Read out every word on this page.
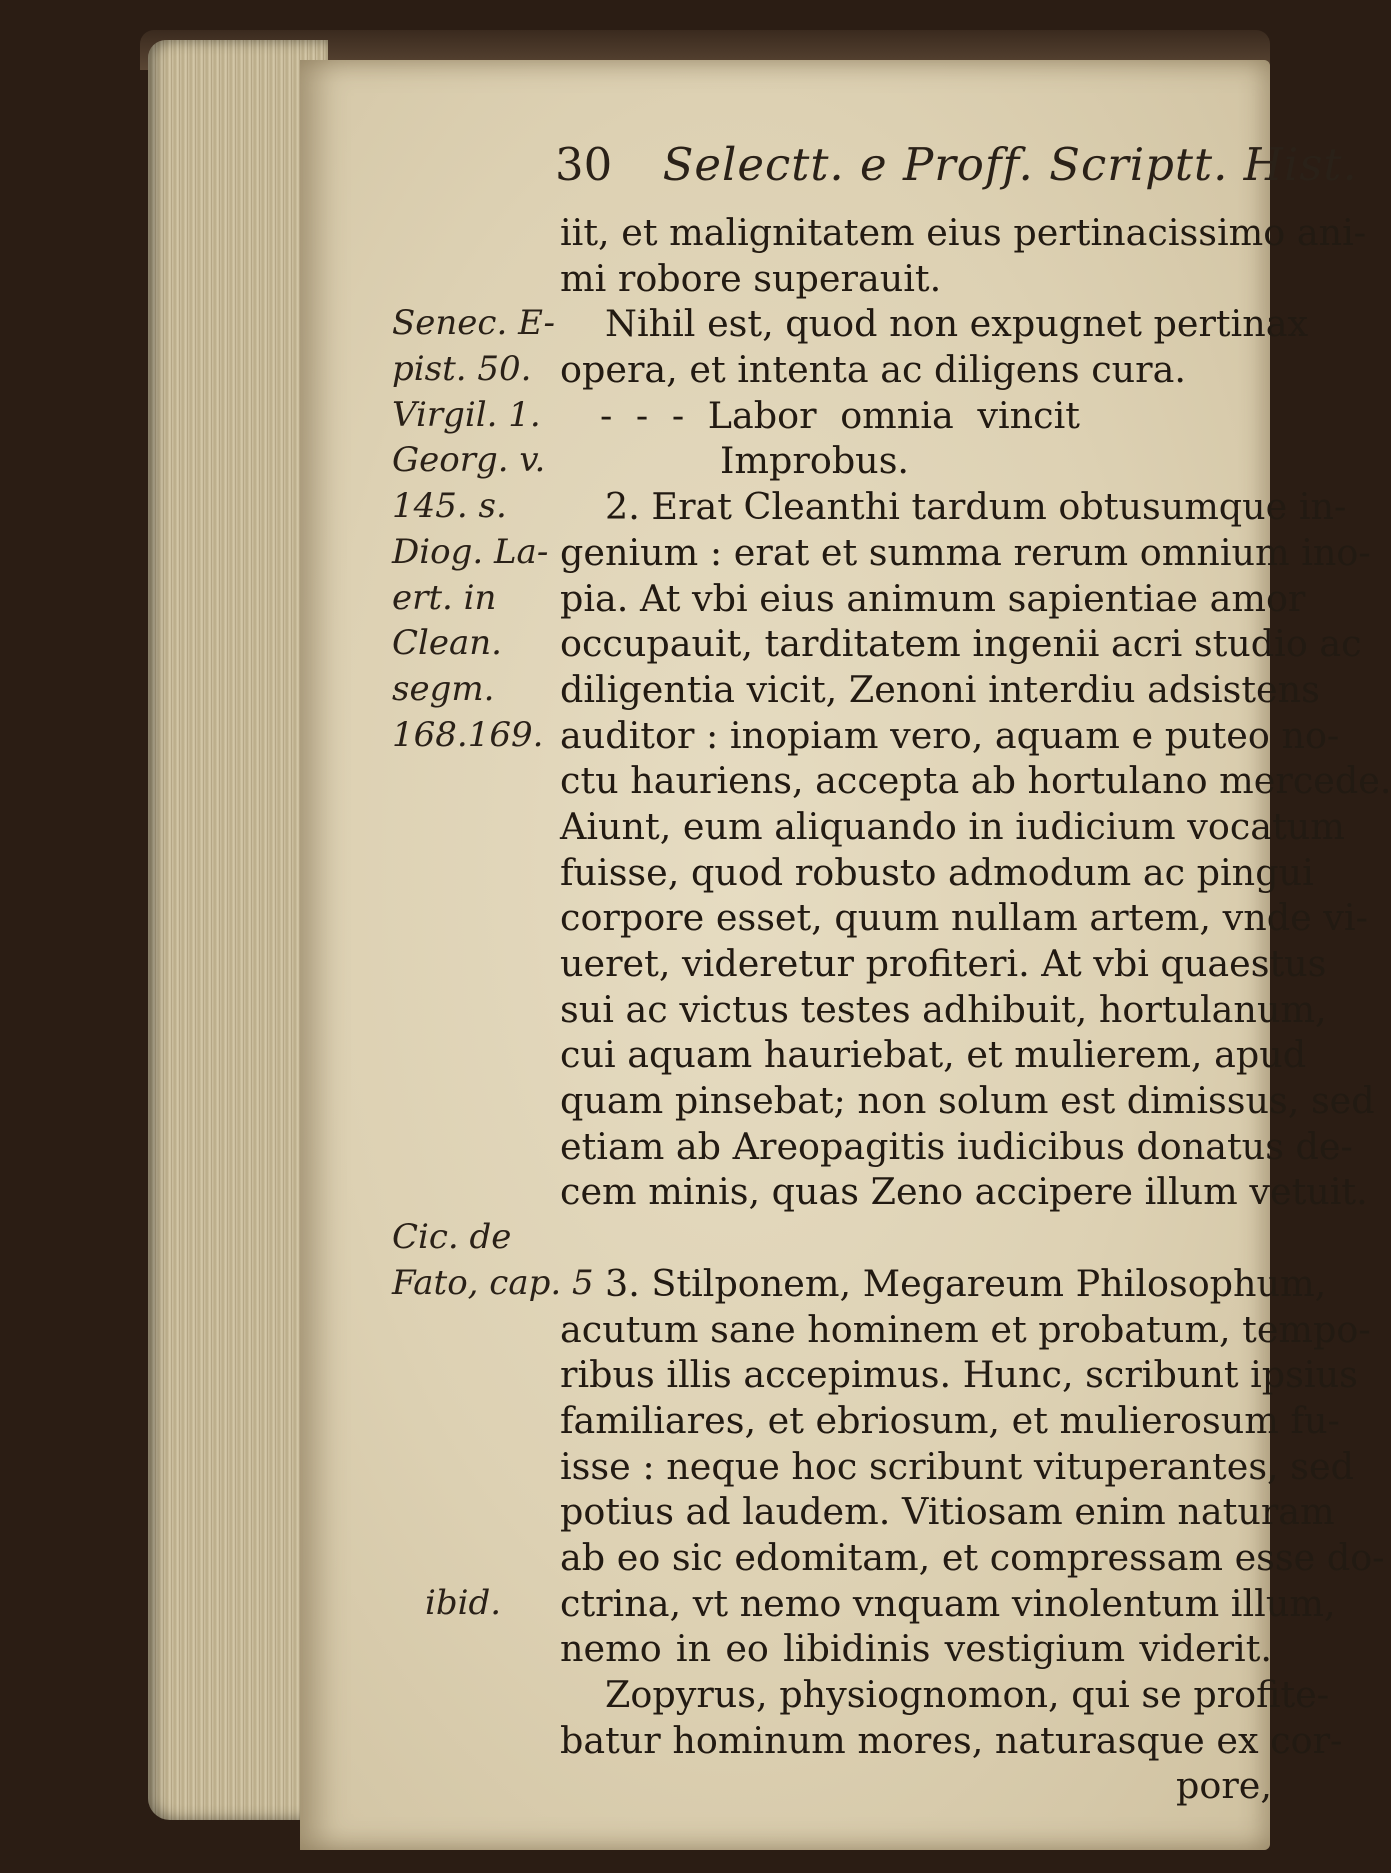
30 Selectt. e Proff. Scriptt. Hist.
Senec. E-
pist. 50.
Virgil. 1.
Georg. v.
145. s.
Diog. La-
ert. in
Clean.
segm.
168.169.
Cic. de
Fato, cap. 5
ibid.
iit, et malignitatem eius pertinacissimo ani-
mi robore superauit.
Nihil est, quod non expugnet pertinax
opera, et intenta ac diligens cura.
- - - Labor omnia vincit
Improbus.
2. Erat Cleanthi tardum obtusumque in-
genium : erat et summa rerum omnium ino-
pia. At vbi eius animum sapientiae amor
occupauit, tarditatem ingenii acri studio ac
diligentia vicit, Zenoni interdiu adsistens
auditor : inopiam vero, aquam e puteo no-
ctu hauriens, accepta ab hortulano mercede.
Aiunt, eum aliquando in iudicium vocatum
fuisse, quod robusto admodum ac pingui
corpore esset, quum nullam artem, vnde vi-
ueret, videretur profiteri. At vbi quaestus
sui ac victus testes adhibuit, hortulanum,
cui aquam hauriebat, et mulierem, apud
quam pinsebat; non solum est dimissus, sed
etiam ab Areopagitis iudicibus donatus de-
cem minis, quas Zeno accipere illum vetuit.
3. Stilponem, Megareum Philosophum,
acutum sane hominem et probatum, tempo-
ribus illis accepimus. Hunc, scribunt ipsius
familiares, et ebriosum, et mulierosum fu-
isse : neque hoc scribunt vituperantes, sed
potius ad laudem. Vitiosam enim naturam
ab eo sic edomitam, et compressam esse do-
ctrina, vt nemo vnquam vinolentum illum,
nemo in eo libidinis vestigium viderit.
Zopyrus, physiognomon, qui se profite-
batur hominum mores, naturasque ex cor-
pore,
